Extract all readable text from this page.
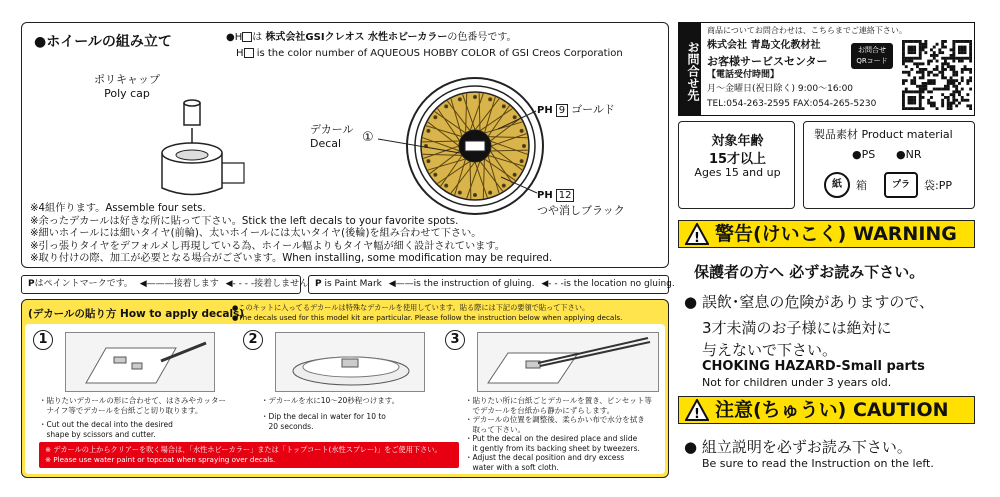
●ホイールの組み立て	●H は 株式会社GSIクレオス 水性ホビーカラーの色番号です。
H is the color number of AQUEOUS HOBBY COLOR of GSI Creos Corporation
ポリキャップ
Poly cap
デカール
Decal	①
PH 9 ゴールド
PH 12
つや消しブラック
※4組作ります。Assemble four sets.
※余ったデカールは好きな所に貼って下さい。Stick the left decals to your favorite spots.
※細いホイールには細いタイヤ(前輪)、太いホイールには太いタイヤ(後輪)を組み合わせて下さい。
※引っ張りタイヤをデフォルメし再現している為、ホイール幅よりもタイヤ幅が細く設計されています。
※取り付けの際、加工が必要となる場合がございます。When installing, some modification may be required.
Pはペイントマークです。 ◀———接着します ◀- - - -接着しません P is Paint Mark ◀——is the instruction of gluing. ◀- - -is the location no gluing.
(デカールの貼り方 How to apply decals)
●このキットに入ってるデカールは特殊なデカールを使用しています。貼る際には下記の要領で貼って下さい。
●The decals used for this model kit are particular. Please follow the instruction below when applying decals.
1
・貼りたいデカールの形に合わせて、はさみやカッター
　ナイフ等でデカールを台紙ごと切り取ります。
・Cut out the decal into the desired
　shape by scissors and cutter.
2
・デカールを水に10〜20秒程つけます。
・Dip the decal in water for 10 to
　20 seconds.
3
・貼りたい所に台紙ごとデカールを置き、ピンセット等
　でデカールを台紙から静かにずらします。
・デカールの位置を調整後、柔らかい布で水分を拭き
　取って下さい。
・Put the decal on the desired place and slide
　it gently from its backing sheet by tweezers.
・Adjust the decal position and dry excess
　water with a soft cloth.
※ デカールの上からクリアーを吹く場合は、「水性ホビーカラー」または「トップコート(水性スプレー)」をご使用下さい。
※ Please use water paint or topcoat when spraying over decals.
お問合せ先
商品についてお問合わせは、こちらまでご連絡下さい。
株式会社 青島文化教材社
お客様サービスセンター
【電話受付時間】
月〜金曜日(祝日除く) 9:00〜16:00
TEL:054-263-2595 FAX:054-265-5230
お問合せ
QRコード
対象年齢
15才以上
Ages 15 and up
製品素材 Product material
●PS ●NR
紙	箱	プラ	袋:PP
! 警告(けいこく) WARNING
保護者の方へ 必ずお読み下さい。
● 誤飲･窒息の危険がありますので、
3才未満のお子様には絶対に
与えないで下さい。
CHOKING HAZARD-Small parts
Not for children under 3 years old.
! 注意(ちゅうい) CAUTION
● 組立説明を必ずお読み下さい。
Be sure to read the Instruction on the left.
